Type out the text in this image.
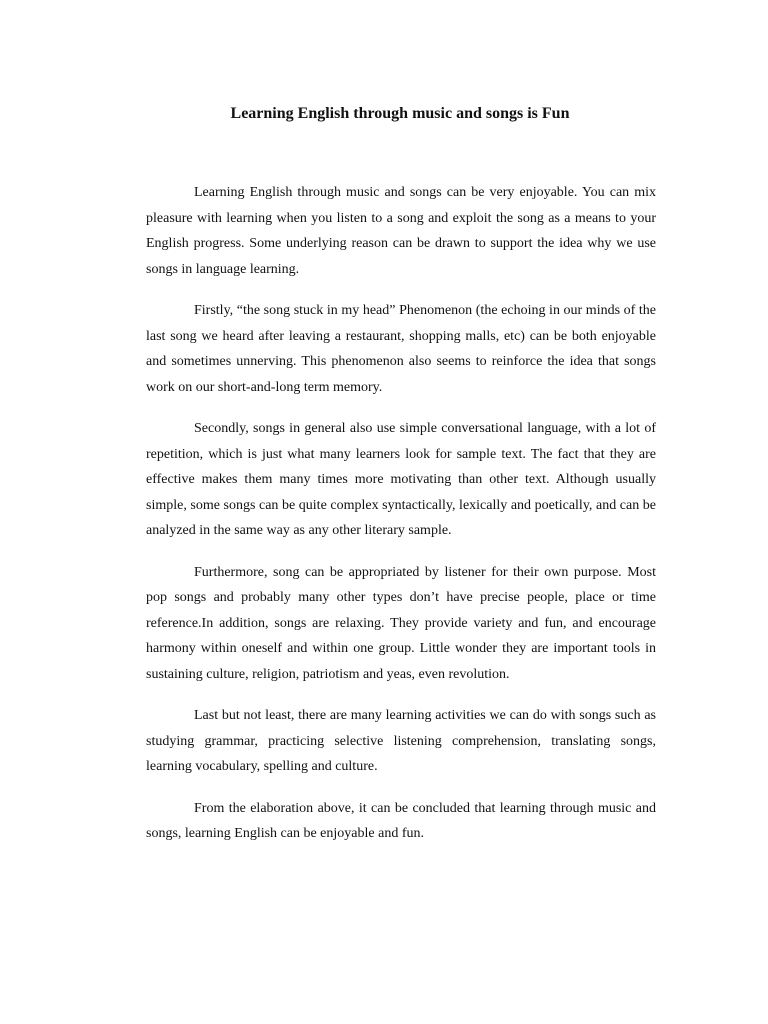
Learning English through music and songs is Fun

Learning English through music and songs can be very enjoyable. You can mix pleasure with learning when you listen to a song and exploit the song as a means to your English progress. Some underlying reason can be drawn to support the idea why we use songs in language learning.

Firstly, “the song stuck in my head” Phenomenon (the echoing in our minds of the last song we heard after leaving a restaurant, shopping malls, etc) can be both enjoyable and sometimes unnerving. This phenomenon also seems to reinforce the idea that songs work on our short-and-long term memory.

Secondly, songs in general also use simple conversational language, with a lot of repetition, which is just what many learners look for sample text. The fact that they are effective makes them many times more motivating than other text. Although usually simple, some songs can be quite complex syntactically, lexically and poetically, and can be analyzed in the same way as any other literary sample.

Furthermore, song can be appropriated by listener for their own purpose. Most pop songs and probably many other types don’t have precise people, place or time reference.In addition, songs are relaxing. They provide variety and fun, and encourage harmony within oneself and within one group. Little wonder they are important tools in sustaining culture, religion, patriotism and yeas, even revolution.

Last but not least, there are many learning activities we can do with songs such as studying grammar, practicing selective listening comprehension, translating songs, learning vocabulary, spelling and culture.

From the elaboration above, it can be concluded that learning through music and songs, learning English can be enjoyable and fun.
